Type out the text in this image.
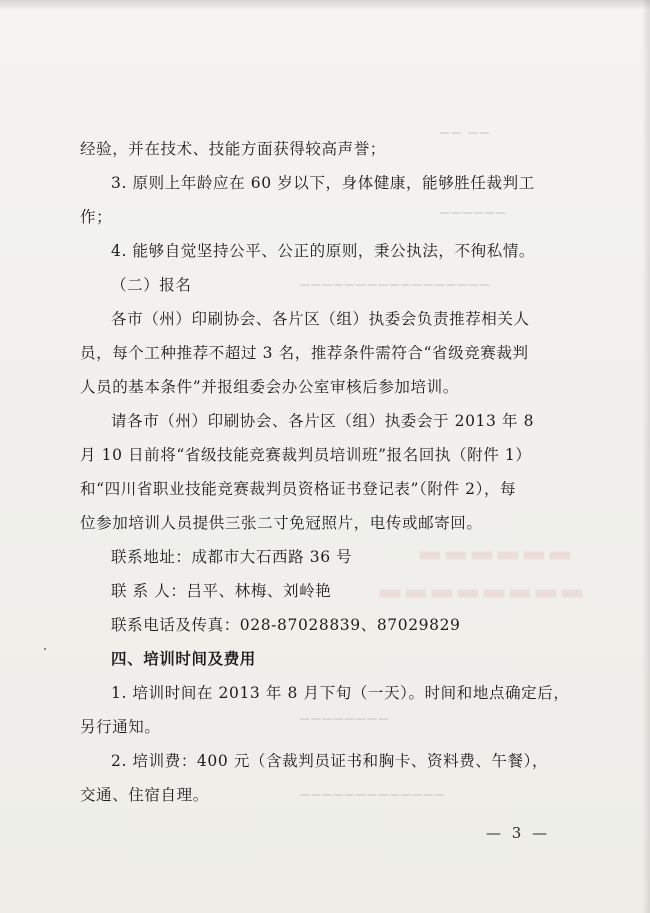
▁▁ ▁▁
▁▁▁▁▁▁
▁▁▁▁▁▁▁▁▁▁▁▁▁▁▁▁▁
▂▂▂▂▂▂
▂▂▂▂▂▂▂▂
▁▁▁▁▁▁▁▁
▁▁▁▁▁▁▁▁▁▁▁▁▁
经验，并在技术、技能方面获得较高声誉；
3. 原则上年龄应在 60 岁以下，身体健康，能够胜任裁判工
作；
4. 能够自觉坚持公平、公正的原则，秉公执法，不徇私情。
（二）报名
各市（州）印刷协会、各片区（组）执委会负责推荐相关人
员，每个工种推荐不超过 3 名，推荐条件需符合“省级竞赛裁判
人员的基本条件”并报组委会办公室审核后参加培训。
请各市（州）印刷协会、各片区（组）执委会于 2013 年 8
月 10 日前将“省级技能竞赛裁判员培训班”报名回执（附件 1）
和“四川省职业技能竞赛裁判员资格证书登记表”（附件 2），每
位参加培训人员提供三张二寸免冠照片，电传或邮寄回。
联系地址：成都市大石西路 36 号
联 系 人：吕平、林梅、刘岭艳
联系电话及传真：028-87028839、87029829
四、培训时间及费用
1. 培训时间在 2013 年 8 月下旬（一天）。时间和地点确定后，
另行通知。
2. 培训费：400 元（含裁判员证书和胸卡、资料费、午餐），
交通、住宿自理。
— 3 —
